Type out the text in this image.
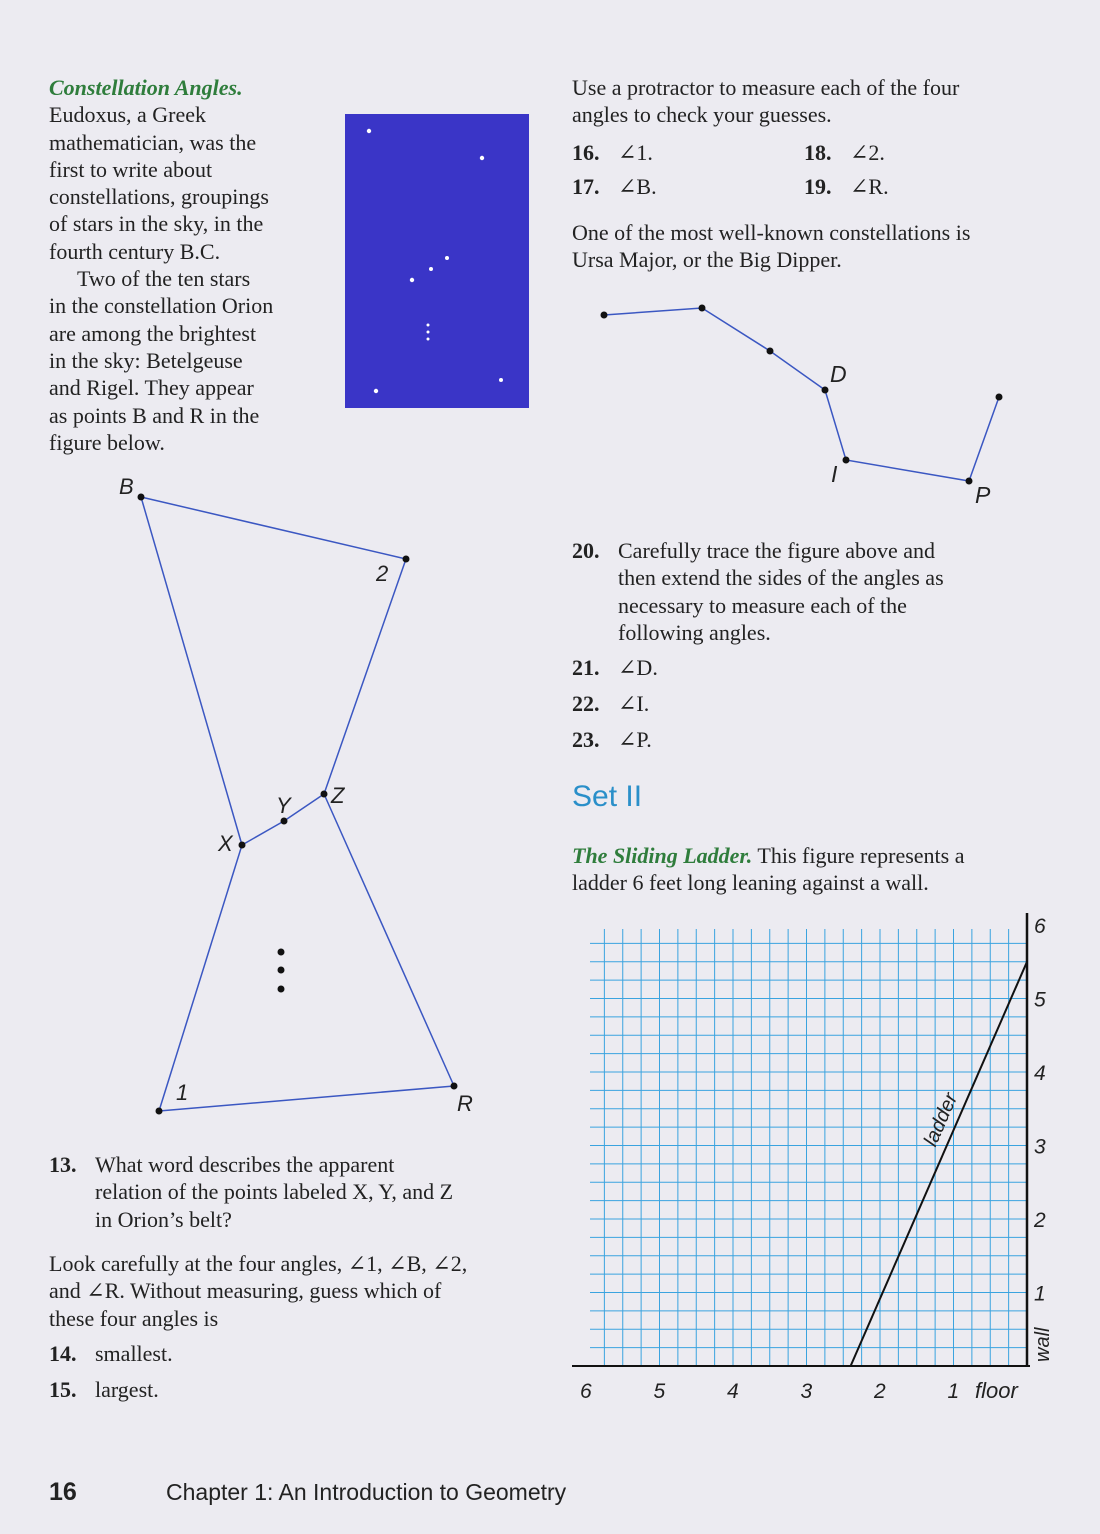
Constellation Angles.
Eudoxus, a Greek
mathematician, was the
first to write about
constellations, groupings
of stars in the sky, in the
fourth century B.C.
Two of the ten stars
in the constellation Orion
are among the brightest
in the sky: Betelgeuse
and Rigel. They appear
as points B and R in the
figure below.
B
2
Z
Y
X
1	R
13. What word describes the apparent
relation of the points labeled X, Y, and Z
in Orion’s belt?
Look carefully at the four angles, ∠1, ∠B, ∠2,
and ∠R. Without measuring, guess which of
these four angles is
14. smallest.
15. largest.
Use a protractor to measure each of the four
angles to check your guesses.
16. ∠1.
17. ∠B.
18. ∠2.
19. ∠R.
One of the most well-known constellations is
Ursa Major, or the Big Dipper.
D
I
P
20. Carefully trace the figure above and
then extend the sides of the angles as
necessary to measure each of the
following angles.
21. ∠D.
22. ∠I.
23. ∠P.
Set II
The Sliding Ladder. This figure represents a
ladder 6 feet long leaning against a wall.
6	5	4	3	2	1
6
5
4
3
2
1
ladder
floor
wall
16	Chapter 1: An Introduction to Geometry
